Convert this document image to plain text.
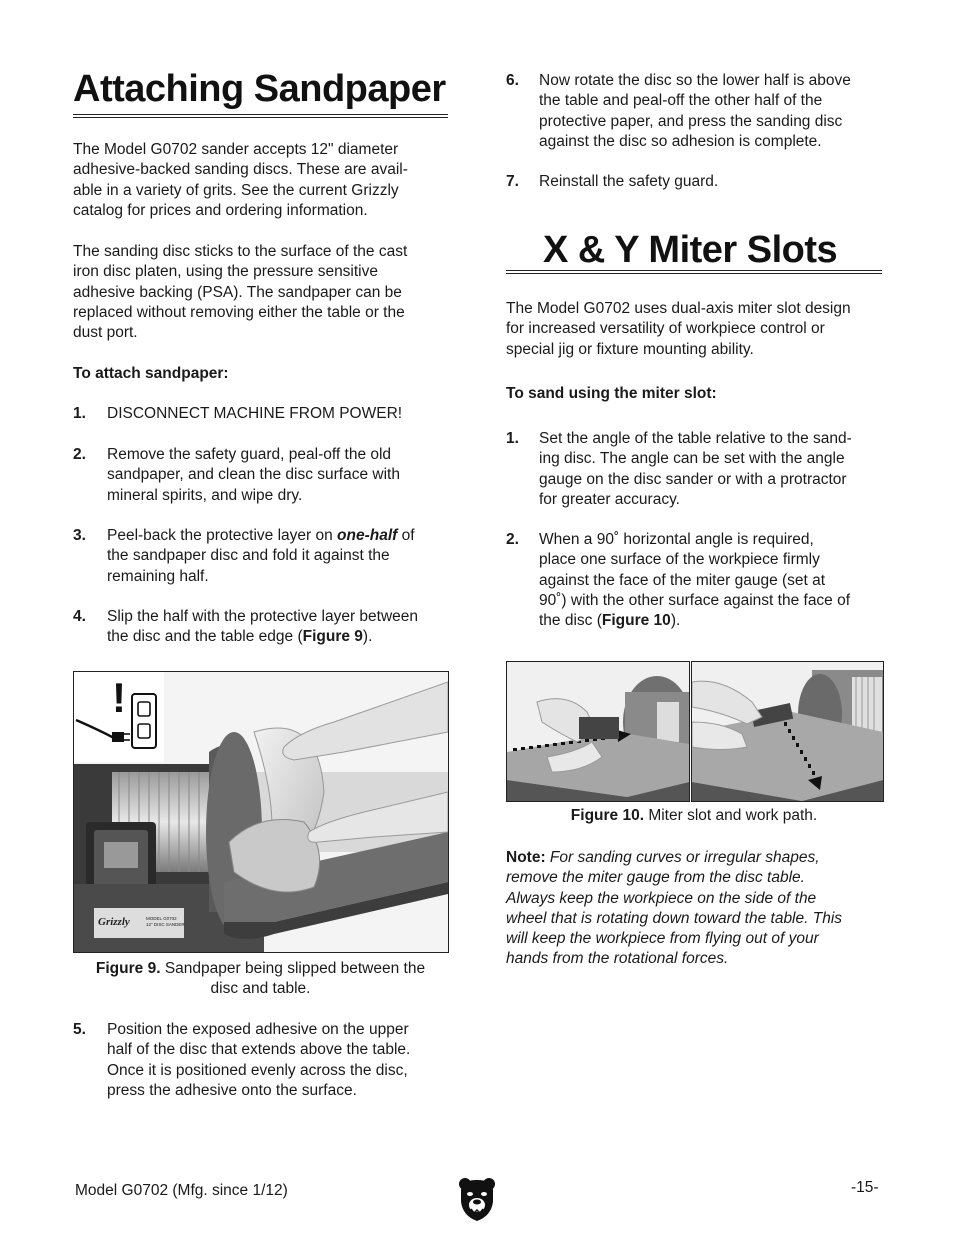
Attaching Sandpaper
The Model G0702 sander accepts 12" diameter
adhesive-backed sanding discs. These are avail-
able in a variety of grits. See the current Grizzly
catalog for prices and ordering information.
The sanding disc sticks to the surface of the cast
iron disc platen, using the pressure sensitive
adhesive backing (PSA). The sandpaper can be
replaced without removing either the table or the
dust port.
To attach sandpaper:
1. DISCONNECT MACHINE FROM POWER!
2. Remove the safety guard, peal-off the old
sandpaper, and clean the disc surface with
mineral spirits, and wipe dry.
3. Peel-back the protective layer on one-half of
the sandpaper disc and fold it against the
remaining half.
4. Slip the half with the protective layer between
the disc and the table edge (Figure 9).
Grizzly	MODEL G0702
12" DISC SANDER
!
Figure 9. Sandpaper being slipped between the
disc and table.
5. Position the exposed adhesive on the upper
half of the disc that extends above the table.
Once it is positioned evenly across the disc,
press the adhesive onto the surface.
6. Now rotate the disc so the lower half is above
the table and peal-off the other half of the
protective paper, and press the sanding disc
against the disc so adhesion is complete.
7. Reinstall the safety guard.
X & Y Miter Slots
The Model G0702 uses dual-axis miter slot design
for increased versatility of workpiece control or
special jig or fixture mounting ability.
To sand using the miter slot:
1. Set the angle of the table relative to the sand-
ing disc. The angle can be set with the angle
gauge on the disc sander or with a protractor
for greater accuracy.
2. When a 90˚ horizontal angle is required,
place one surface of the workpiece firmly
against the face of the miter gauge (set at
90˚) with the other surface against the face of
the disc (Figure 10).
Figure 10. Miter slot and work path.
Note: For sanding curves or irregular shapes,
remove the miter gauge from the disc table.
Always keep the workpiece on the side of the
wheel that is rotating down toward the table. This
will keep the workpiece from flying out of your
hands from the rotational forces.
Model G0702 (Mfg. since 1/12)	-15-
